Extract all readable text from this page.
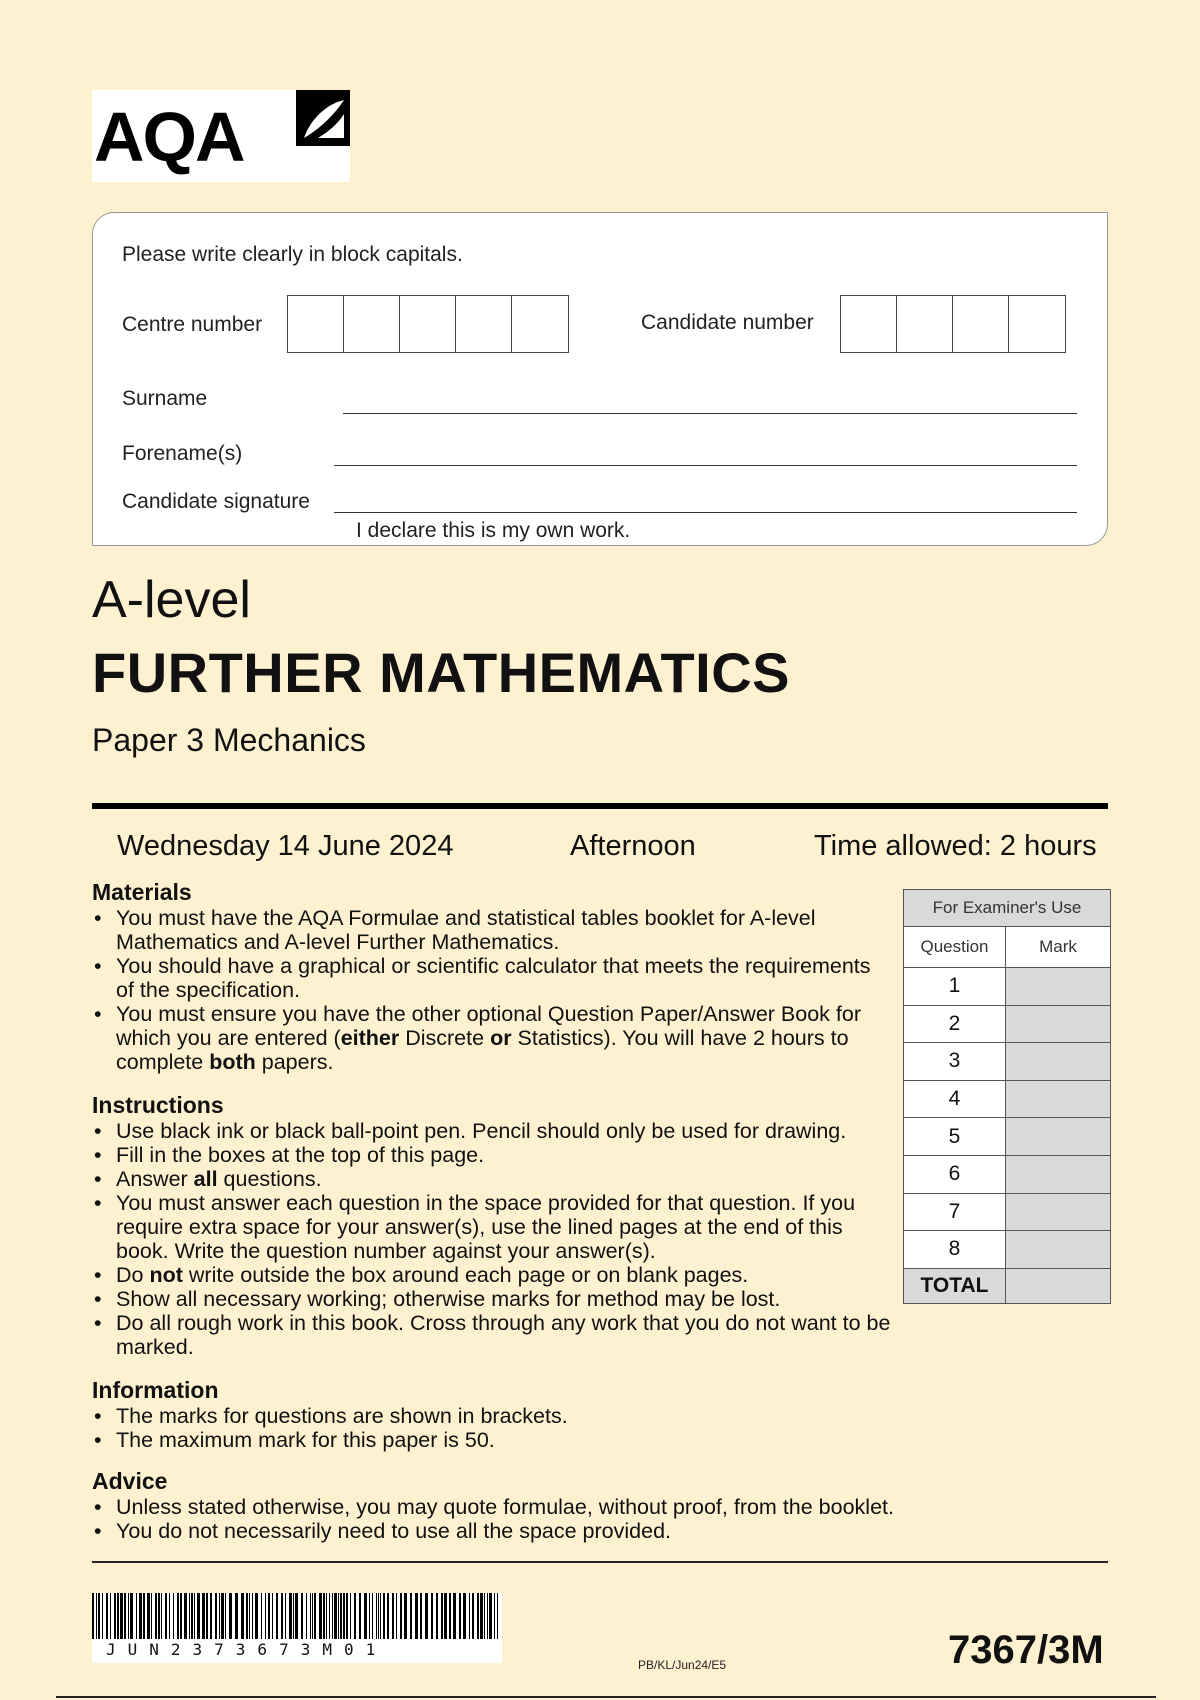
AQA
Please write clearly in block capitals.
Centre number	Candidate number
Surname
Forename(s)
Candidate signature
I declare this is my own work.
A-level
FURTHER MATHEMATICS
Paper 3 Mechanics
Wednesday 14 June 2024	Afternoon	Time allowed: 2 hours
Materials
• You must have the AQA Formulae and statistical tables booklet for A-level Mathematics and A-level Further Mathematics.
• You should have a graphical or scientific calculator that meets the requirements of the specification.
• You must ensure you have the other optional Question Paper/Answer Book for which you are entered (either Discrete or Statistics). You will have 2 hours to complete both papers.
Instructions
• Use black ink or black ball-point pen. Pencil should only be used for drawing.
• Fill in the boxes at the top of this page.
• Answer all questions.
• You must answer each question in the space provided for that question. If you require extra space for your answer(s), use the lined pages at the end of this book. Write the question number against your answer(s).
• Do not write outside the box around each page or on blank pages.
• Show all necessary working; otherwise marks for method may be lost.
• Do all rough work in this book. Cross through any work that you do not want to be marked.
Information
• The marks for questions are shown in brackets.
• The maximum mark for this paper is 50.
Advice
• Unless stated otherwise, you may quote formulae, without proof, from the booklet.
• You do not necessarily need to use all the space provided.
For Examiner's Use	
Question	Mark
1	
2	
3	
4	
5	
6	
7	
8	
TOTAL	
JUN2373673M01
PB/KL/Jun24/E5	7367/3M
